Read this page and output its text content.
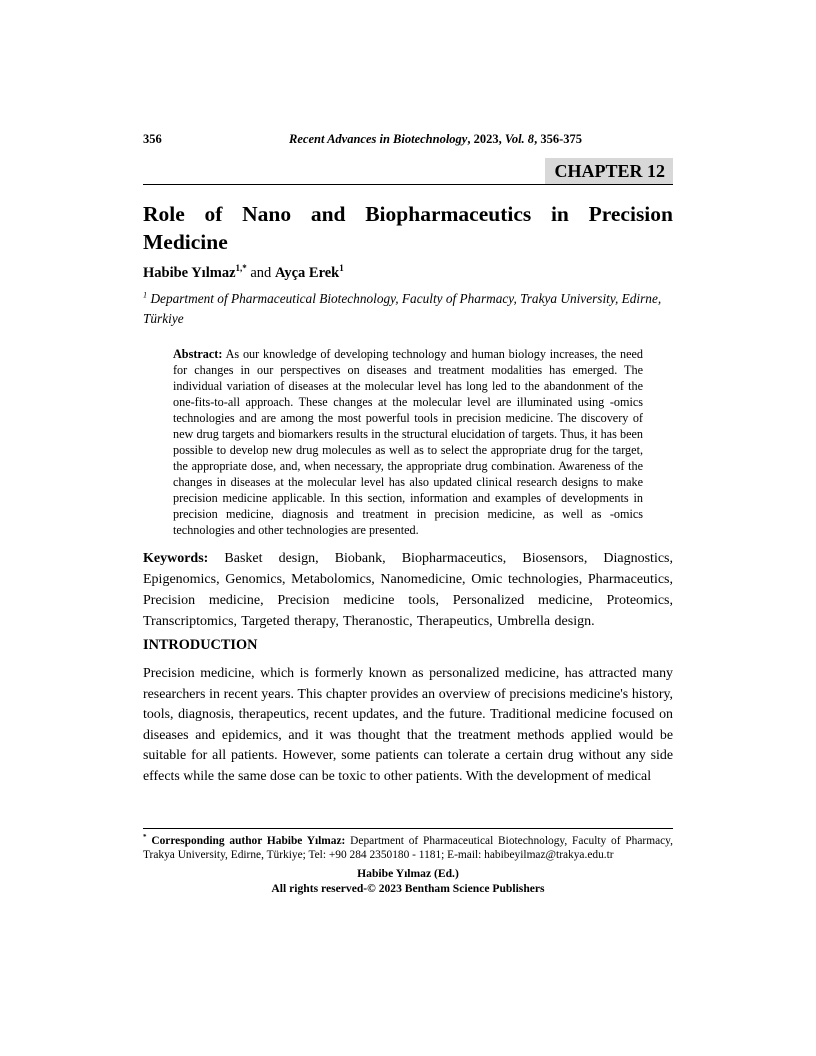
356	Recent Advances in Biotechnology, 2023, Vol. 8, 356-375
CHAPTER 12
Role of Nano and Biopharmaceutics in Precision Medicine

Habibe Yılmaz$^{1,*}$ and Ayça Erek$^1$

$^1$ Department of Pharmaceutical Biotechnology, Faculty of Pharmacy, Trakya University, Edirne, Türkiye

Abstract: As our knowledge of developing technology and human biology increases, the need for changes in our perspectives on diseases and treatment modalities has emerged. The individual variation of diseases at the molecular level has long led to the abandonment of the one-fits-to-all approach. These changes at the molecular level are illuminated using -omics technologies and are among the most powerful tools in precision medicine. The discovery of new drug targets and biomarkers results in the structural elucidation of targets. Thus, it has been possible to develop new drug molecules as well as to select the appropriate drug for the target, the appropriate dose, and, when necessary, the appropriate drug combination. Awareness of the changes in diseases at the molecular level has also updated clinical research designs to make precision medicine applicable. In this section, information and examples of developments in precision medicine, diagnosis and treatment in precision medicine, as well as -omics technologies and other technologies are presented.

Keywords: Basket design, Biobank, Biopharmaceutics, Biosensors, Diagnostics, Epigenomics, Genomics, Metabolomics, Nanomedicine, Omic technologies, Pharmaceutics, Precision medicine, Precision medicine tools, Personalized medicine, Proteomics, Transcriptomics, Targeted therapy, Theranostic, Therapeutics, Umbrella design.

INTRODUCTION

Precision medicine, which is formerly known as personalized medicine, has attracted many researchers in recent years. This chapter provides an overview of precisions medicine's history, tools, diagnosis, therapeutics, recent updates, and the future. Traditional medicine focused on diseases and epidemics, and it was thought that the treatment methods applied would be suitable for all patients. However, some patients can tolerate a certain drug without any side effects while the same dose can be toxic to other patients. With the development of medical

* Corresponding author Habibe Yılmaz: Department of Pharmaceutical Biotechnology, Faculty of Pharmacy, Trakya University, Edirne, Türkiye; Tel: +90 284 2350180 - 1181; E-mail: habibeyilmaz@trakya.edu.tr
Habibe Yılmaz (Ed.)
All rights reserved-© 2023 Bentham Science Publishers
